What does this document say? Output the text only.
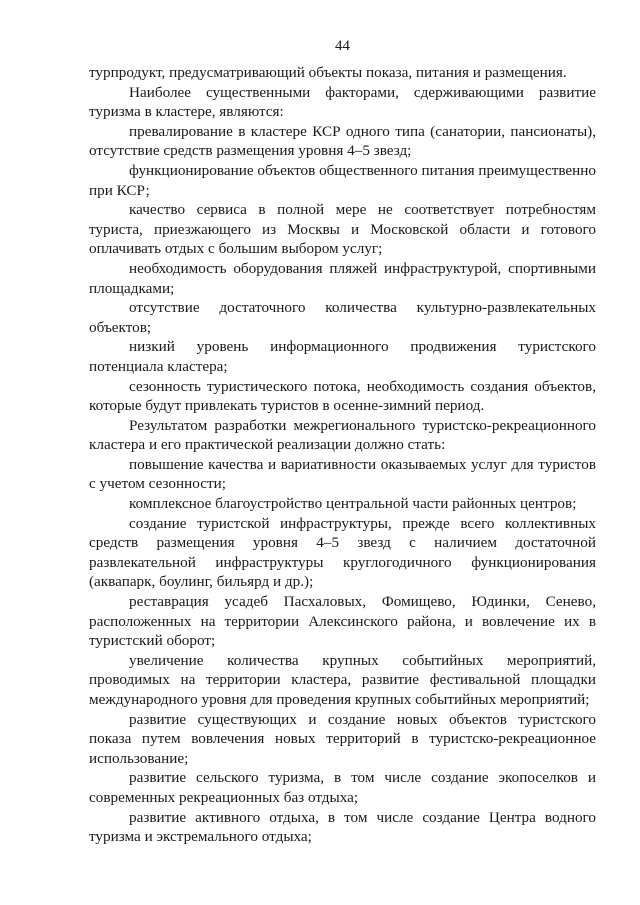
44

турпродукт, предусматривающий объекты показа, питания и размещения.

Наиболее существенными факторами, сдерживающими развитие туризма в кластере, являются:

превалирование в кластере КСР одного типа (санатории, пансионаты), отсутствие средств размещения уровня 4–5 звезд;

функционирование объектов общественного питания преимущественно при КСР;

качество сервиса в полной мере не соответствует потребностям туриста, приезжающего из Москвы и Московской области и готового оплачивать отдых с большим выбором услуг;

необходимость оборудования пляжей инфраструктурой, спортивными площадками;

отсутствие достаточного количества культурно-развлекательных объектов;

низкий уровень информационного продвижения туристского потенциала кластера;

сезонность туристического потока, необходимость создания объектов, которые будут привлекать туристов в осенне-зимний период.

Результатом разработки межрегионального туристско-рекреационного кластера и его практической реализации должно стать:

повышение качества и вариативности оказываемых услуг для туристов с учетом сезонности;

комплексное благоустройство центральной части районных центров;

создание туристской инфраструктуры, прежде всего коллективных средств размещения уровня 4–5 звезд с наличием достаточной развлекательной инфраструктуры круглогодичного функционирования (аквапарк, боулинг, бильярд и др.);

реставрация усадеб Пасхаловых, Фомищево, Юдинки, Сенево, расположенных на территории Алексинского района, и вовлечение их в туристский оборот;

увеличение количества крупных событийных мероприятий, проводимых на территории кластера, развитие фестивальной площадки международного уровня для проведения крупных событийных мероприятий;

развитие существующих и создание новых объектов туристского показа путем вовлечения новых территорий в туристско-рекреационное использование;

развитие сельского туризма, в том числе создание экопоселков и современных рекреационных баз отдыха;

развитие активного отдыха, в том числе создание Центра водного туризма и экстремального отдыха;
